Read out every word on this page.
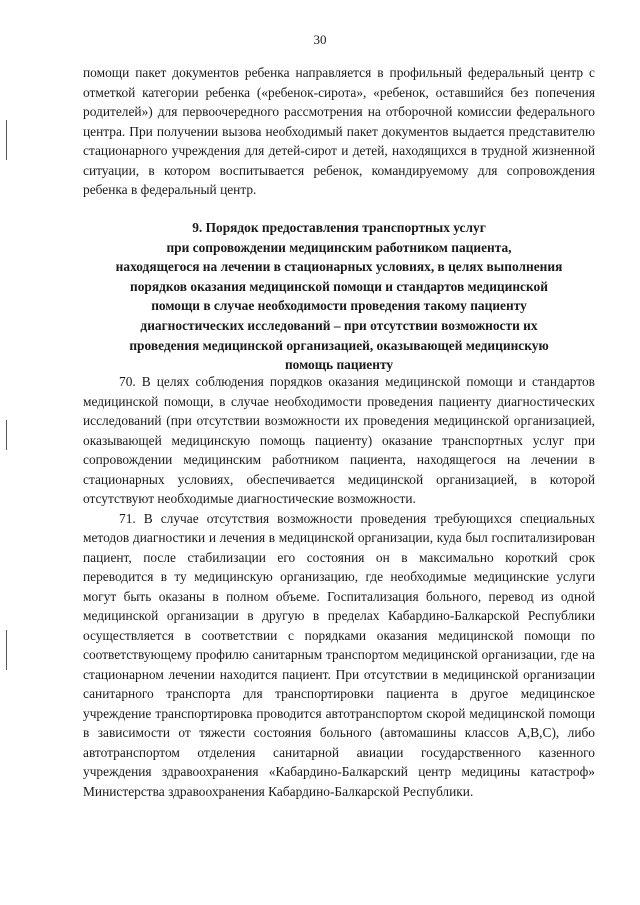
30
помощи пакет документов ребенка направляется в профильный федеральный центр с отметкой категории ребенка («ребенок-сирота», «ребенок, оставшийся без попечения родителей») для первоочередного рассмотрения на отборочной комиссии федерального центра. При получении вызова необходимый пакет документов выдается представителю стационарного учреждения для детей-сирот и детей, находящихся в трудной жизненной ситуации, в котором воспитывается ребенок, командируемому для сопровождения ребенка в федеральный центр.
9. Порядок предоставления транспортных услуг
при сопровождении медицинским работником пациента,
находящегося на лечении в стационарных условиях, в целях выполнения
порядков оказания медицинской помощи и стандартов медицинской
помощи в случае необходимости проведения такому пациенту
диагностических исследований – при отсутствии возможности их
проведения медицинской организацией, оказывающей медицинскую
помощь пациенту

70. В целях соблюдения порядков оказания медицинской помощи и стандартов медицинской помощи, в случае необходимости проведения пациенту диагностических исследований (при отсутствии возможности их проведения медицинской организацией, оказывающей медицинскую помощь пациенту) оказание транспортных услуг при сопровождении медицинским работником пациента, находящегося на лечении в стационарных условиях, обеспечивается медицинской организацией, в которой отсутствуют необходимые диагностические возможности.

71. В случае отсутствия возможности проведения требующихся специальных методов диагностики и лечения в медицинской организации, куда был госпитализирован пациент, после стабилизации его состояния он в максимально короткий срок переводится в ту медицинскую организацию, где необходимые медицинские услуги могут быть оказаны в полном объеме. Госпитализация больного, перевод из одной медицинской организации в другую в пределах Кабардино-Балкарской Республики осуществляется в соответствии с порядками оказания медицинской помощи по соответствующему профилю санитарным транспортом медицинской организации, где на стационарном лечении находится пациент. При отсутствии в медицинской организации санитарного транспорта для транспортировки пациента в другое медицинское учреждение транспортировка проводится автотранспортом скорой медицинской помощи в зависимости от тяжести состояния больного (автомашины классов А,В,С), либо автотранспортом отделения санитарной авиации государственного казенного учреждения здравоохранения «Кабардино-Балкарский центр медицины катастроф» Министерства здравоохранения Кабардино-Балкарской Республики.
